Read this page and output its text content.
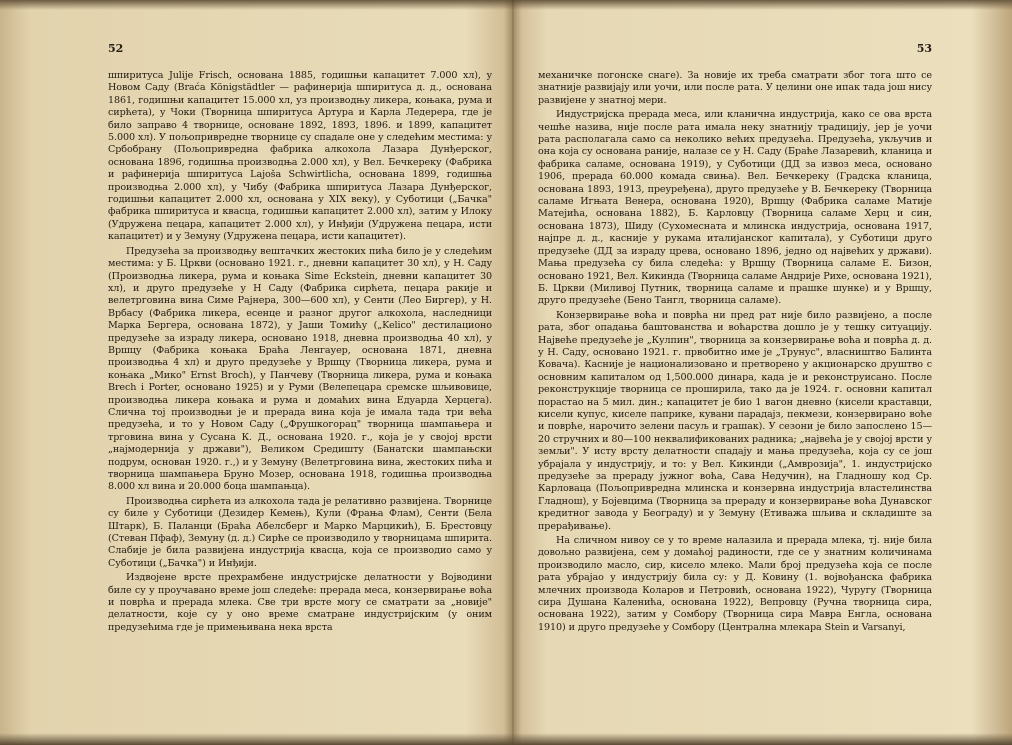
52

шпиритуса Julije Frisch, основана 1885, годишњи капацитет 7.000 хл), у Новом Саду (Braća Königstädtler — рафинерија шпиритуса д. д., основана 1861, годишњи капацитет 15.000 хл, уз производњу ликера, коњака, рума и сирћета), у Чоки (Творница шпиритуса Артура и Карла Ледерера, где је било заправо 4 творнице, основане 1892, 1893, 1896. и 1899, капацитет 5.000 хл). У пољопривредне творнице су спадале оне у следећим местима: у Србобрану (Пољопривредна фабрика алкохола Лазара Дунђерског, основана 1896, годишња производња 2.000 хл), у Вел. Бечкереку (Фабрика и рафинерија шпиритуса Lajoša Schwirtlicha, основана 1899, годишња производња 2.000 хл), у Чибу (Фабрика шпиритуса Лазара Дунђерског, годишњи капацитет 2.000 хл, основана у XIX веку), у Суботици („Бачка" фабрика шпиритуса и квасца, годишњи капацитет 2.000 хл), затим у Илоку (Удружена пецара, капацитет 2.000 хл), у Инђији (Удружена пецара, исти капацитет) и у Земуну (Удружена пецара, исти капацитет).

Предузећа за производњу вештачких жестоких пића било је у следећим местима: у Б. Цркви (основано 1921. г., дневни капацитет 30 хл), у Н. Саду (Производња ликера, рума и коњака Sime Eckstein, дневни капацитет 30 хл), и друго предузеће у Н Саду (Фабрика сирћета, пецара ракије и велетрговина вина Симе Рајнера, 300—600 хл), у Сенти (Лео Биргер), у Н. Врбасу (Фабрика ликера, есенце и разног другог алкохола, наследници Марка Бергера, основана 1872), у Јаши Томићу („Kelico" дестилационо предузеће за израду ликера, основано 1918, дневна производња 40 хл), у Вршцу (Фабрика коњака Браћа Ленгауер, основана 1871, дневна производња 4 хл) и друго предузеће у Вршцу (Творница ликера, рума и коњака „Мико" Ernst Broch), у Панчеву (Творница ликера, рума и коњака Brech i Porter, основано 1925) и у Руми (Велепецара сремске шљивовице, производња ликера коњака и рума и домаћих вина Едуарда Херцега). Слична тој производњи је и прерада вина која је имала тада три већа предузећа, и то у Новом Саду („Фрушкогорац" творница шампањера и трговина вина у Сусана К. Д., основана 1920. г., која је у својој врсти „најмодернија у држави"), Великом Средишту (Банатски шампањски подрум, основан 1920. г.,) и у Земуну (Велетрговина вина, жестоких пића и творница шампањера Бруно Мозер, основана 1918, годишња производња 8.000 хл вина и 20.000 боца шампањца).

Производња сирћета из алкохола тада је релативно развијена. Творнице су биле у Суботици (Дезидер Кемењ), Кули (Фрања Флам), Сенти (Бела Штарк), Б. Паланци (Браћа Абелсберг и Марко Марцикић), Б. Брестовцу (Стеван Пфаф), Земуну (д. д.) Сирће се производило у творницама шпирита. Слабије је била развијена индустрија квасца, која се производио само у Суботици („Бачка") и Инђији.

Издвојене врсте прехрамбене индустријске делатности у Војводини биле су у проучавано време још следеће: прерада меса, конзервирање воћа и поврћа и прерада млека. Све три врсте могу се сматрати за „новије" делатности, које су у оно време сматране индустријским (у оним предузећима где је примењивана нека врста

53

механичке погонске снаге). За новије их треба сматрати због тога што се знатније развијају или уочи, или после рата. У целини оне ипак тада још нису развијене у знатној мери.

Индустријска прерада меса, или кланична индустрија, како се ова врста чешће назива, није после рата имала неку знатнију традицију, јер је уочи рата располагала само са неколико већих предузећа. Предузећа, укључив и она која су основана раније, налазе се у Н. Саду (Браће Лазаревић, кланица и фабрика саламе, основана 1919), у Суботици (ДД за извоз меса, основано 1906, прерада 60.000 комада свиња). Вел. Бечкереку (Градска кланица, основана 1893, 1913, преуређена), друго предузеће у В. Бечкереку (Творница саламе Игњата Венера, основана 1920), Вршцу (Фабрика саламе Матије Матејића, основана 1882), Б. Карловцу (Творница саламе Херц и син, основана 1873), Шиду (Сухомесната и млинска индустрија, основана 1917, најпре д. д., касније у рукама италијанског капитала), у Суботици друго предузеће (ДД за израду црева, основано 1896, једно од највећих у држави). Мања предузећа су била следећа: у Вршцу (Творница саламе Е. Бизон, основано 1921, Вел. Кикинда (Творница саламе Андрије Рихе, основана 1921), Б. Цркви (Миливој Путник, творница саламе и прашке шунке) и у Вршцу, друго предузеће (Бено Тангл, творница саламе).

Конзервирање воћа и поврћа ни пред рат није било развијено, а после рата, због опадања баштованства и воћарства дошло је у тешку ситуацију. Највеће предузеће је „Кулпин", творница за конзервирање воћа и поврћа д. д. у Н. Саду, основано 1921. г. првобитно име је „Трунус", власништво Балинта Ковача). Касније је национализовано и претворено у акционарско друштво с основним капиталом од 1,500.000 динара, када је и реконструисано. После реконструкције творница се проширила, тако да је 1924. г. основни капитал порастао на 5 мил. дин.; капацитет је био 1 вагон дневно (кисели краставци, кисели купус, киселе паприке, кувани парадајз, пекмези, конзервирано воће и поврће, нарочито зелени пасуљ и грашак). У сезони је било запослено 15—20 стручних и 80—100 неквалификованих радника; „највећа је у својој врсти у земљи". У исту врсту делатности спадају и мања предузећа, која су се још убрајала у индустрију, и то: у Вел. Кикинди („Амврозија", 1. индустријско предузеће за прераду јужног воћа, Сава Недучин), на Гладношу код Ср. Карловаца (Пољопривредна млинска и конзервна индустрија властелинства Гладнош), у Бојевцима (Творница за прераду и конзервирање воћа Дунавског кредитног завода у Београду) и у Земуну (Етиважа шљива и складиште за прерађивање).

На сличном нивоу се у то време налазила и прерада млека, тј. није била довољно развијена, сем у домаћој радиности, где се у знатним количинама производило масло, сир, кисело млеко. Мали број предузећа која се после рата убрајао у индустрију била су: у Д. Ковину (1. војвођанска фабрика млечних производа Коларов и Петровић, основана 1922), Чуругу (Творница сира Душана Каленића, основана 1922), Вепровцу (Ручна творница сира, основана 1922), затим у Сомбору (Творница сира Мавра Енгла, основана 1910) и друго предузеће у Сомбору (Централна млекара Stein и Varsanyi,
